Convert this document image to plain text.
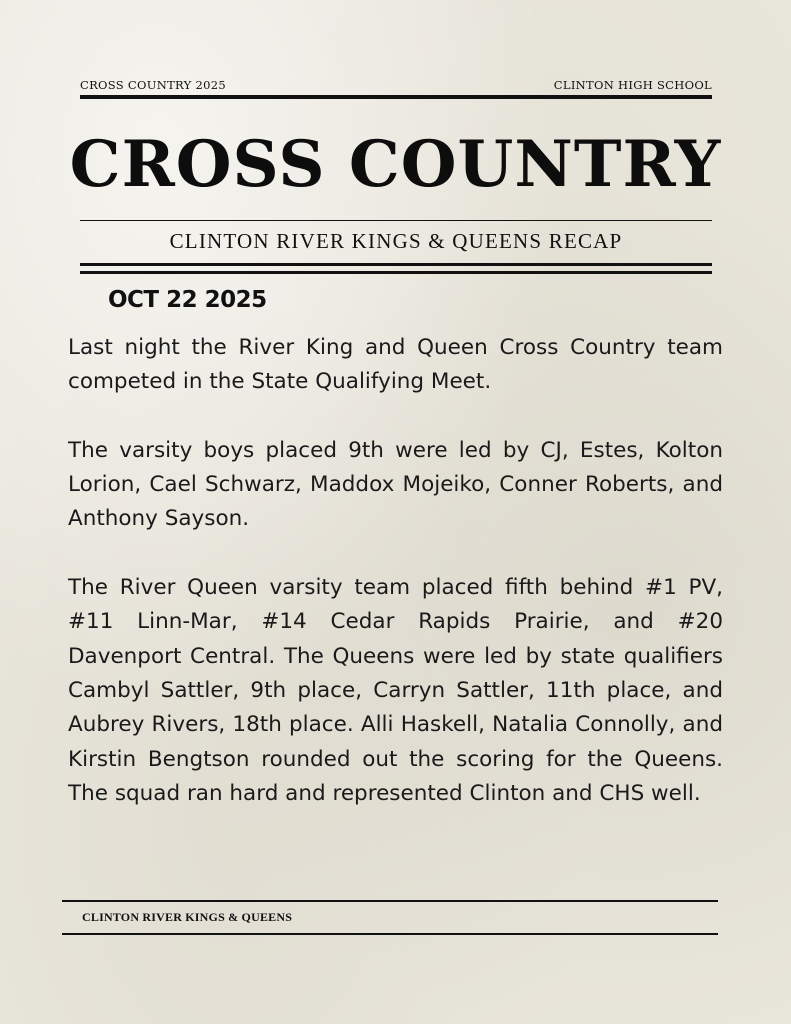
CROSS COUNTRY 2025	CLINTON HIGH SCHOOL
CROSS COUNTRY
CLINTON RIVER KINGS & QUEENS RECAP
OCT 22 2025

Last night the River King and Queen Cross Country team competed in the State Qualifying Meet.

The varsity boys placed 9th were led by CJ, Estes, Kolton Lorion, Cael Schwarz, Maddox Mojeiko, Conner Roberts, and Anthony Sayson.

The River Queen varsity team placed fifth behind #1 PV, #11 Linn-Mar, #14 Cedar Rapids Prairie, and #20 Davenport Central. The Queens were led by state qualifiers Cambyl Sattler, 9th place, Carryn Sattler, 11th place, and Aubrey Rivers, 18th place. Alli Haskell, Natalia Connolly, and Kirstin Bengtson rounded out the scoring for the Queens. The squad ran hard and represented Clinton and CHS well.

CLINTON RIVER KINGS & QUEENS
